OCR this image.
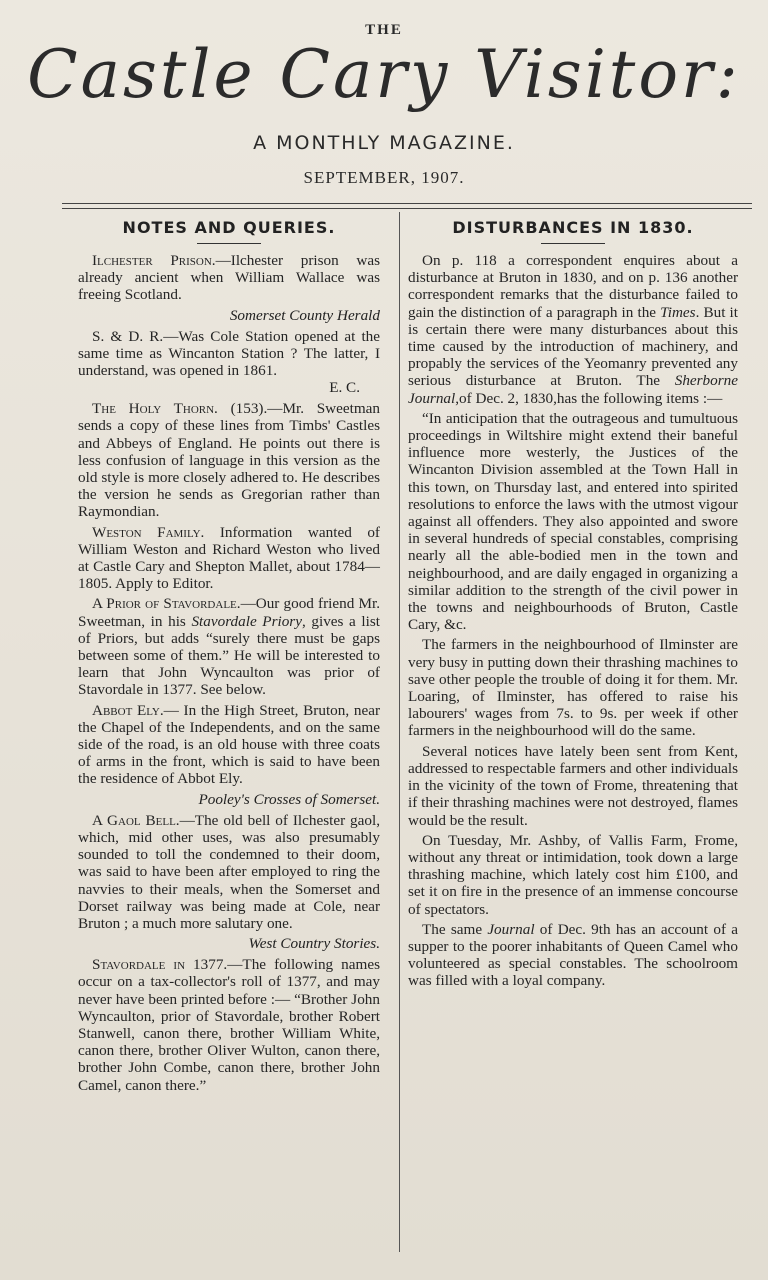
THE
Castle Cary Visitor:
A MONTHLY MAGAZINE.
SEPTEMBER, 1907.
NOTES AND QUERIES.

Ilchester Prison.—Ilchester prison was already ancient when William Wallace was freeing Scotland.

Somerset County Herald

S. & D. R.—Was Cole Station opened at the same time as Wincanton Station ? The latter, I understand, was opened in 1861.

E. C.

The Holy Thorn. (153).—Mr. Sweetman sends a copy of these lines from Timbs' Castles and Abbeys of England. He points out there is less confusion of language in this version as the old style is more closely adhered to. He describes the version he sends as Gregorian rather than Raymondian.

Weston Family. Information wanted of William Weston and Richard Weston who lived at Castle Cary and Shepton Mallet, about 1784—1805. Apply to Editor.

A Prior of Stavordale.—Our good friend Mr. Sweetman, in his Stavordale Priory, gives a list of Priors, but adds “surely there must be gaps between some of them.” He will be interested to learn that John Wyncaulton was prior of Stavordale in 1377. See below.

Abbot Ely.— In the High Street, Bruton, near the Chapel of the Independents, and on the same side of the road, is an old house with three coats of arms in the front, which is said to have been the residence of Abbot Ely.

Pooley's Crosses of Somerset.

A Gaol Bell.—The old bell of Ilchester gaol, which, mid other uses, was also presumably sounded to toll the condemned to their doom, was said to have been after employed to ring the navvies to their meals, when the Somerset and Dorset railway was being made at Cole, near Bruton ; a much more salutary one.

West Country Stories.

Stavordale in 1377.—The following names occur on a tax-collector's roll of 1377, and may never have been printed before :— “Brother John Wyncaulton, prior of Stavordale, brother Robert Stanwell, canon there, brother William White, canon there, brother Oliver Wulton, canon there, brother John Combe, canon there, brother John Camel, canon there.”

DISTURBANCES IN 1830.

On p. 118 a correspondent enquires about a disturbance at Bruton in 1830, and on p. 136 another correspondent remarks that the disturbance failed to gain the distinction of a paragraph in the Times. But it is certain there were many disturbances about this time caused by the introduction of machinery, and propably the services of the Yeomanry prevented any serious disturbance at Bruton. The Sherborne Journal,of Dec. 2, 1830,has the following items :—

“In anticipation that the outrageous and tumultuous proceedings in Wiltshire might extend their baneful influence more westerly, the Justices of the Wincanton Division assembled at the Town Hall in this town, on Thursday last, and entered into spirited resolutions to enforce the laws with the utmost vigour against all offenders. They also appointed and swore in several hundreds of special constables, comprising nearly all the able-bodied men in the town and neighbourhood, and are daily engaged in organizing a similar addition to the strength of the civil power in the towns and neighbourhoods of Bruton, Castle Cary, &c.

The farmers in the neighbourhood of Ilminster are very busy in putting down their thrashing machines to save other people the trouble of doing it for them. Mr. Loaring, of Ilminster, has offered to raise his labourers' wages from 7s. to 9s. per week if other farmers in the neighbourhood will do the same.

Several notices have lately been sent from Kent, addressed to respectable farmers and other individuals in the vicinity of the town of Frome, threatening that if their thrashing machines were not destroyed, flames would be the result.

On Tuesday, Mr. Ashby, of Vallis Farm, Frome, without any threat or intimidation, took down a large thrashing machine, which lately cost him £100, and set it on fire in the presence of an immense concourse of spectators.

The same Journal of Dec. 9th has an account of a supper to the poorer inhabitants of Queen Camel who volunteered as special constables. The schoolroom was filled with a loyal company.
